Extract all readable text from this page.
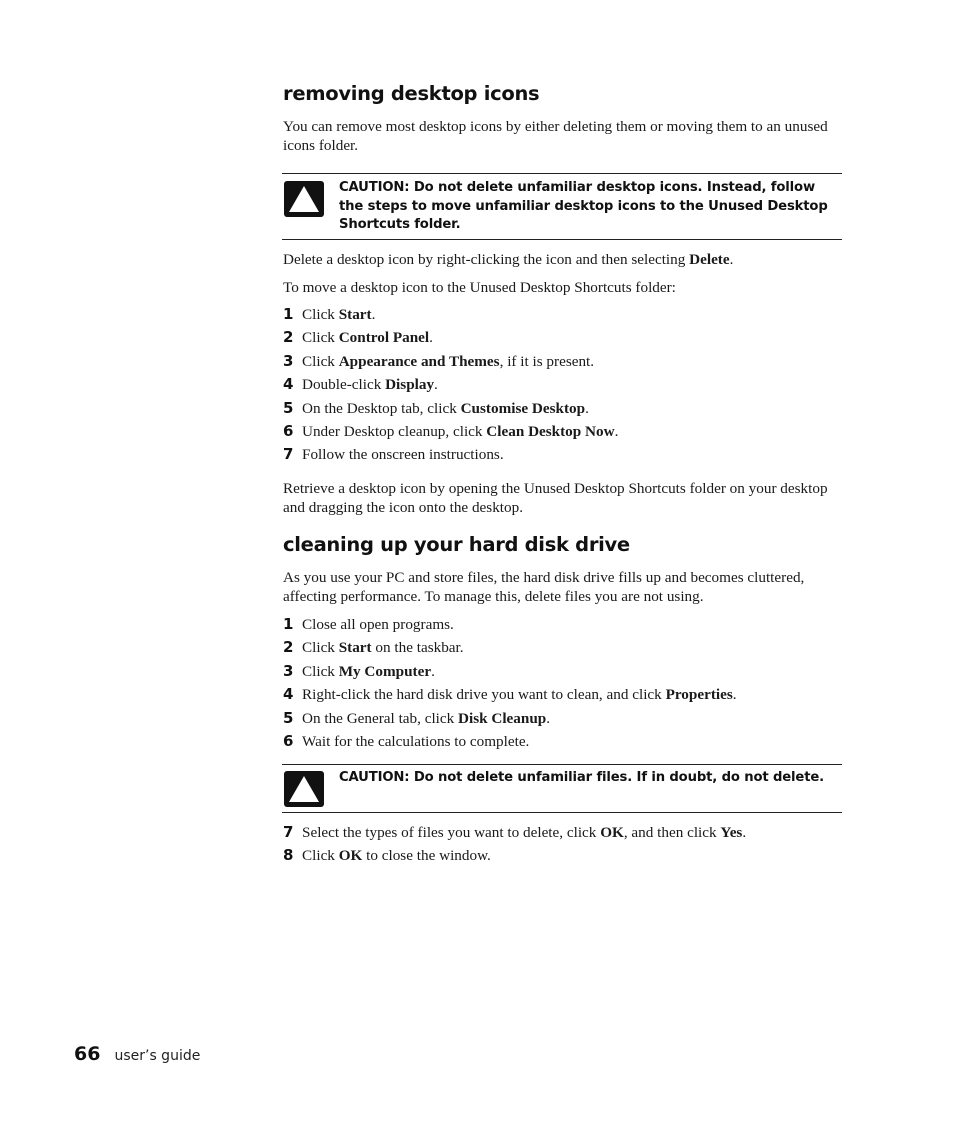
removing desktop icons

You can remove most desktop icons by either deleting them or moving them to an unused icons folder.

CAUTION: Do not delete unfamiliar desktop icons. Instead, follow the steps to move unfamiliar desktop icons to the Unused Desktop Shortcuts folder.

Delete a desktop icon by right-clicking the icon and then selecting Delete.

To move a desktop icon to the Unused Desktop Shortcuts folder:

1 Click Start.
2 Click Control Panel.
3 Click Appearance and Themes, if it is present.
4 Double-click Display.
5 On the Desktop tab, click Customise Desktop.
6 Under Desktop cleanup, click Clean Desktop Now.
7 Follow the onscreen instructions.

Retrieve a desktop icon by opening the Unused Desktop Shortcuts folder on your desktop and dragging the icon onto the desktop.

cleaning up your hard disk drive

As you use your PC and store files, the hard disk drive fills up and becomes cluttered, affecting performance. To manage this, delete files you are not using.

1 Close all open programs.
2 Click Start on the taskbar.
3 Click My Computer.
4 Right-click the hard disk drive you want to clean, and click Properties.
5 On the General tab, click Disk Cleanup.
6 Wait for the calculations to complete.
CAUTION: Do not delete unfamiliar files. If in doubt, do not delete.
7 Select the types of files you want to delete, click OK, and then click Yes.
8 Click OK to close the window.
66 user’s guide
